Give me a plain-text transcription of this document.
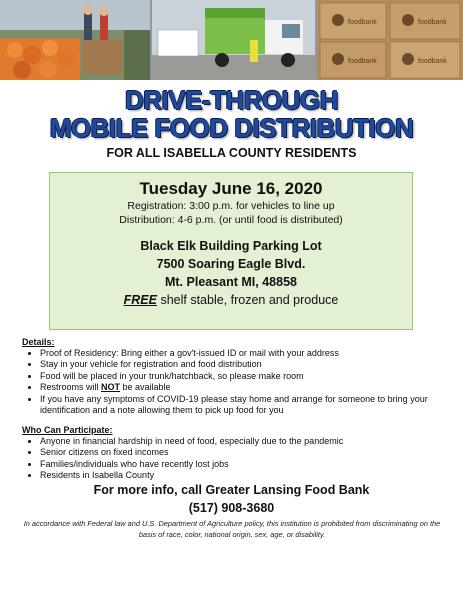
foodbank	foodbank
foodbank	foodbank
DRIVE-THROUGH
MOBILE FOOD DISTRIBUTION
FOR ALL ISABELLA COUNTY RESIDENTS
Tuesday June 16, 2020
Registration: 3:00 p.m. for vehicles to line up
Distribution: 4-6 p.m. (or until food is distributed)
Black Elk Building Parking Lot
7500 Soaring Eagle Blvd.
Mt. Pleasant MI, 48858
FREE shelf stable, frozen and produce
Details:
• Proof of Residency: Bring either a gov't-issued ID or mail with your address
• Stay in your vehicle for registration and food distribution
• Food will be placed in your trunk/hatchback, so please make room
• Restrooms will NOT be available
• If you have any symptoms of COVID-19 please stay home and arrange for someone to bring your identification and a note allowing them to pick up food for you
Who Can Participate:
• Anyone in financial hardship in need of food, especially due to the pandemic
• Senior citizens on fixed incomes
• Families/individuals who have recently lost jobs
• Residents in Isabella County
For more info, call Greater Lansing Food Bank
(517) 908-3680
In accordance with Federal law and U.S. Department of Agriculture policy, this institution is prohibited from discriminating on the basis of race, color, national origin, sex, age, or disability.
